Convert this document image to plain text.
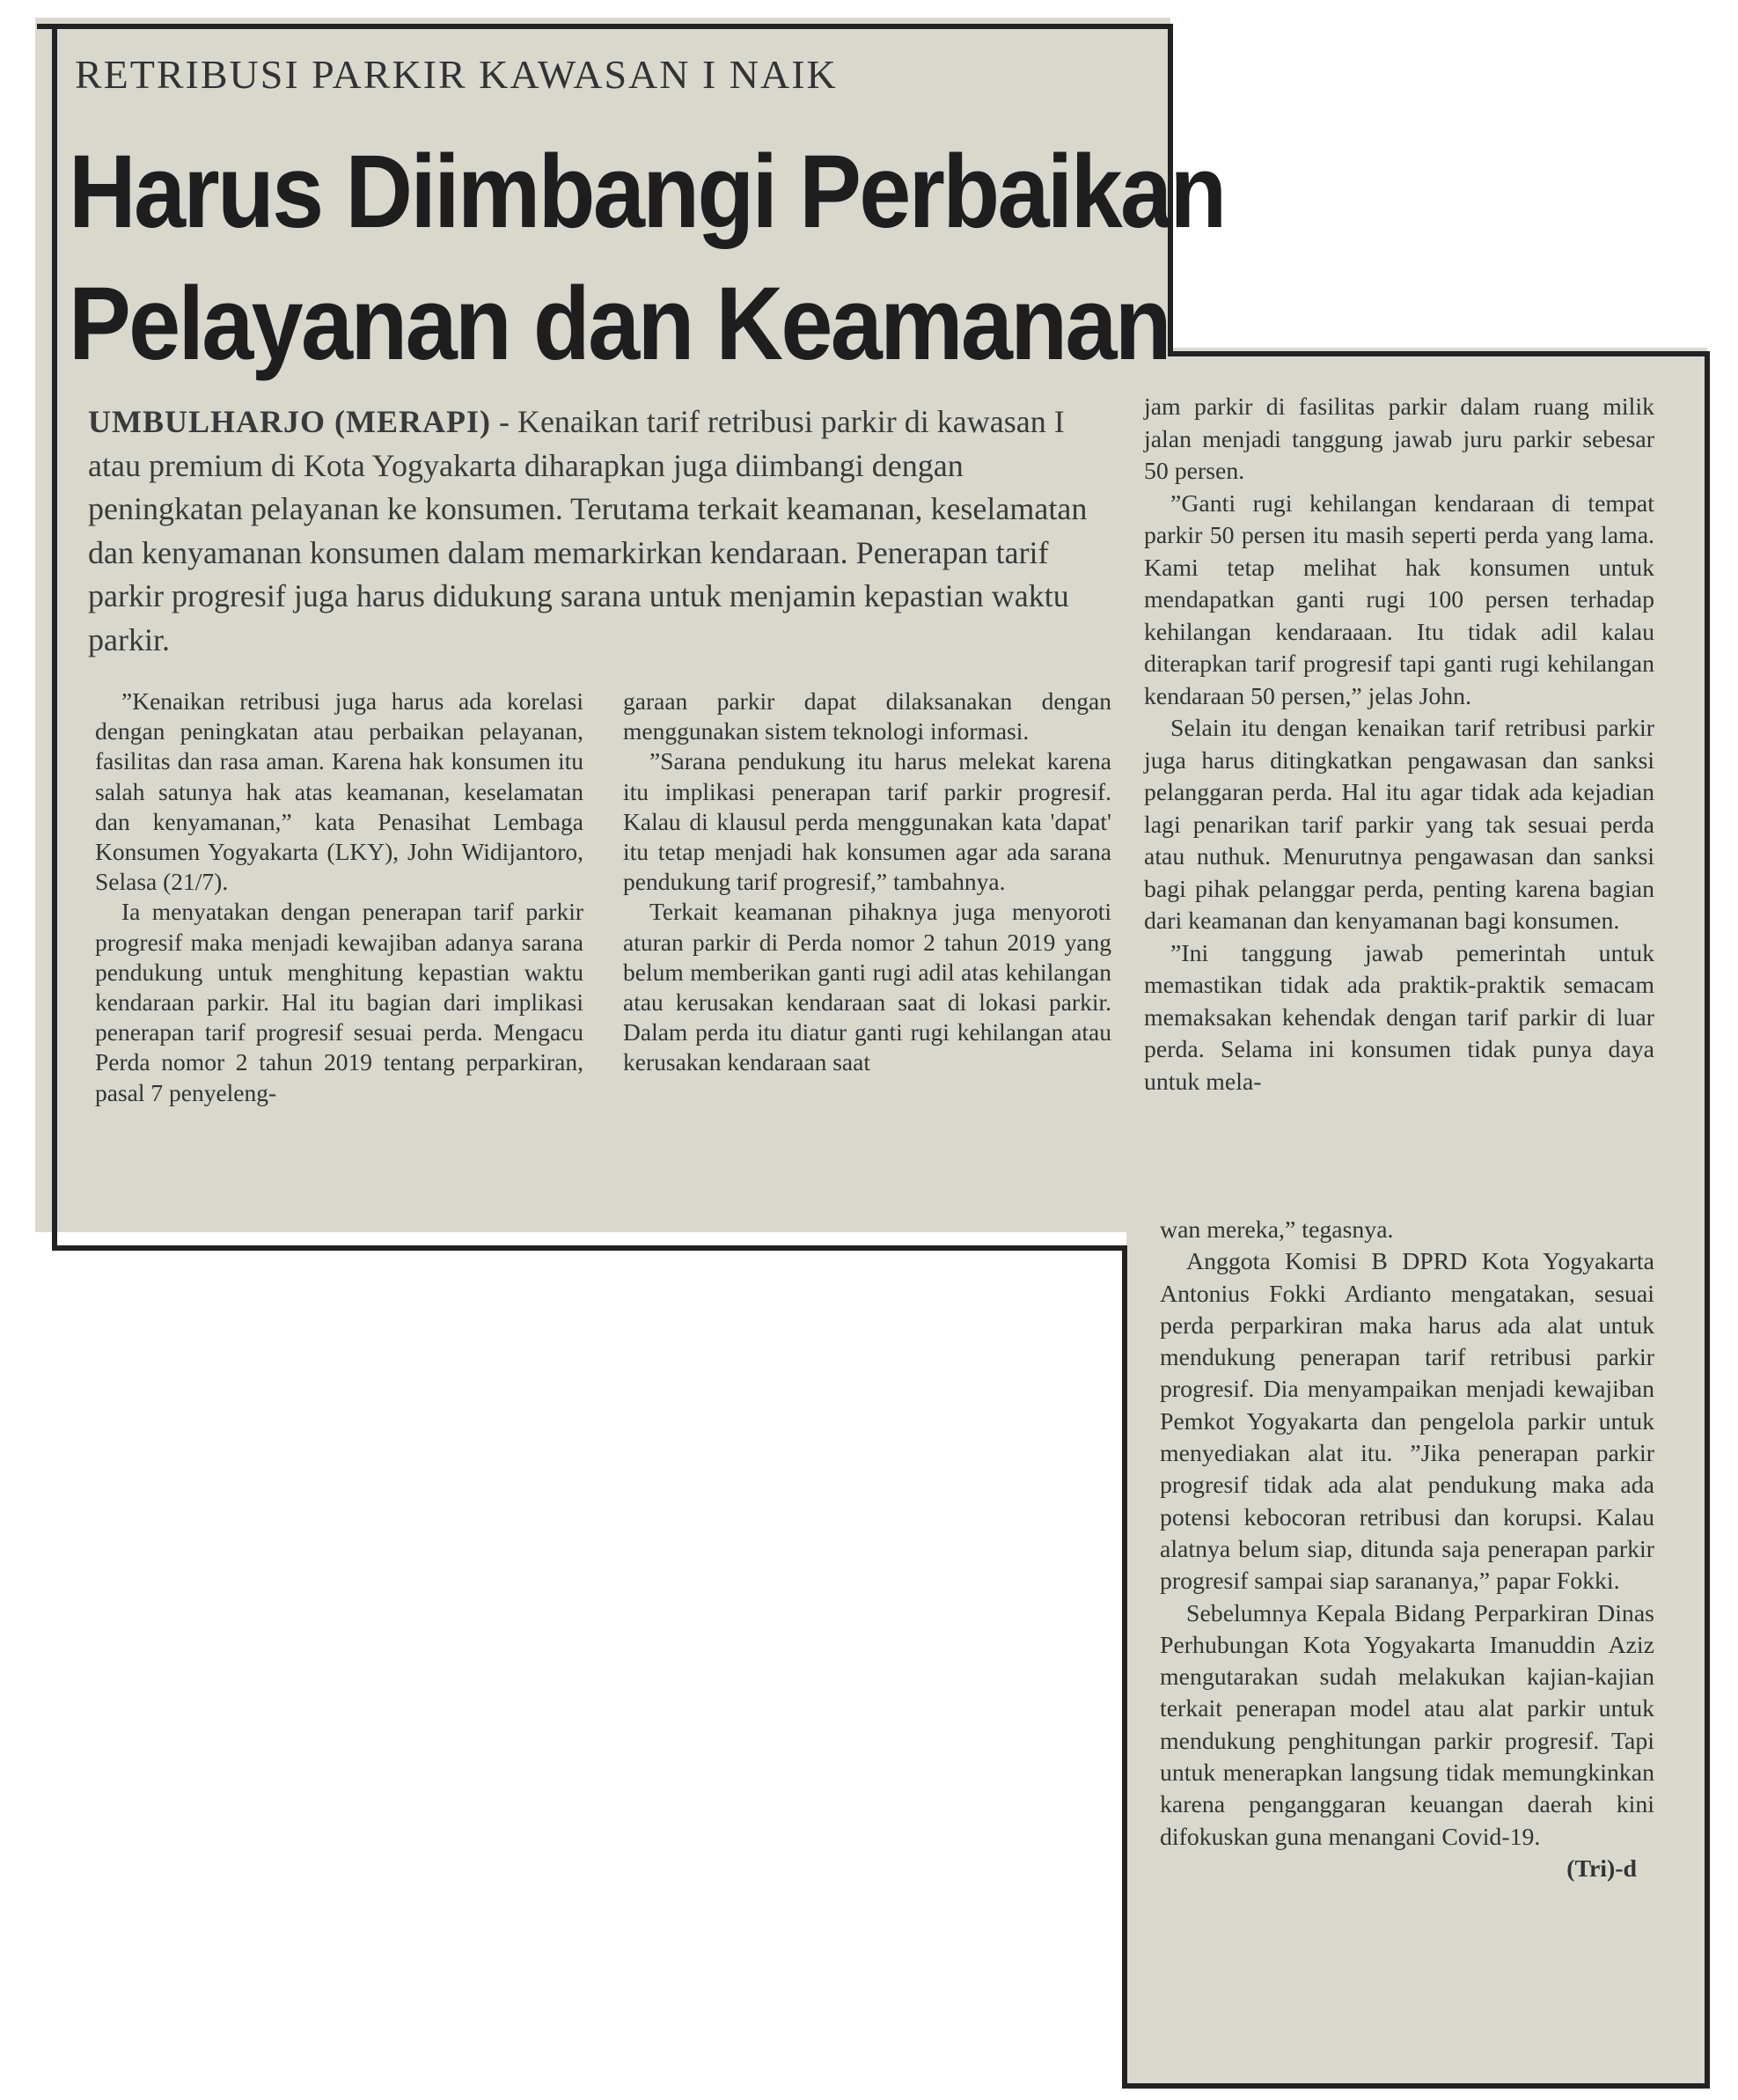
RETRIBUSI PARKIR KAWASAN I NAIK
Harus Diimbangi Perbaikan
Pelayanan dan Keamanan
UMBULHARJO (MERAPI) - Kenaikan tarif retribusi parkir di kawasan I atau premium di Kota Yogyakarta diharapkan juga diimbangi dengan peningkatan pelayanan ke konsumen. Terutama terkait keamanan, keselamatan dan kenyamanan konsumen dalam memarkirkan kendaraan. Penerapan tarif parkir progresif juga harus didukung sarana untuk menjamin kepastian waktu parkir.

”Kenaikan retribusi juga harus ada korelasi dengan peningkatan atau perbaikan pelayanan, fasilitas dan rasa aman. Karena hak konsumen itu salah satunya hak atas keamanan, keselamatan dan kenyamanan,” kata Penasihat Lembaga Konsumen Yogyakarta (LKY), John Widijantoro, Selasa (21/7).

Ia menyatakan dengan penerapan tarif parkir progresif maka menjadi kewajiban adanya sarana pendukung untuk menghitung kepastian waktu kendaraan parkir. Hal itu bagian dari implikasi penerapan tarif progresif sesuai perda. Mengacu Perda nomor 2 tahun 2019 tentang perparkiran, pasal 7 penyeleng-

garaan parkir dapat dilaksanakan dengan menggunakan sistem teknologi informasi.

”Sarana pendukung itu harus melekat karena itu implikasi penerapan tarif parkir progresif. Kalau di klausul perda menggunakan kata 'dapat' itu tetap menjadi hak konsumen agar ada sarana pendukung tarif progresif,” tambahnya.

Terkait keamanan pihaknya juga menyoroti aturan parkir di Perda nomor 2 tahun 2019 yang belum memberikan ganti rugi adil atas kehilangan atau kerusakan kendaraan saat di lokasi parkir. Dalam perda itu diatur ganti rugi kehilangan atau kerusakan kendaraan saat

jam parkir di fasilitas parkir dalam ruang milik jalan menjadi tanggung jawab juru parkir sebesar 50 persen.

”Ganti rugi kehilangan kendaraan di tempat parkir 50 persen itu masih seperti perda yang lama. Kami tetap melihat hak konsumen untuk mendapatkan ganti rugi 100 persen terhadap kehilangan kendaraaan. Itu tidak adil kalau diterapkan tarif progresif tapi ganti rugi kehilangan kendaraan 50 persen,” jelas John.

Selain itu dengan kenaikan tarif retribusi parkir juga harus ditingkatkan pengawasan dan sanksi pelanggaran perda. Hal itu agar tidak ada kejadian lagi penarikan tarif parkir yang tak sesuai perda atau nuthuk. Menurutnya pengawasan dan sanksi bagi pihak pelanggar perda, penting karena bagian dari keamanan dan kenyamanan bagi konsumen.

”Ini tanggung jawab pemerintah untuk memastikan tidak ada praktik-praktik semacam memaksakan kehendak dengan tarif parkir di luar perda. Selama ini konsumen tidak punya daya untuk mela-

wan mereka,” tegasnya.

Anggota Komisi B DPRD Kota Yogyakarta Antonius Fokki Ardianto mengatakan, sesuai perda perparkiran maka harus ada alat untuk mendukung penerapan tarif retribusi parkir progresif. Dia menyampaikan menjadi kewajiban Pemkot Yogyakarta dan pengelola parkir untuk menyediakan alat itu. ”Jika penerapan parkir progresif tidak ada alat pendukung maka ada potensi kebocoran retribusi dan korupsi. Kalau alatnya belum siap, ditunda saja penerapan parkir progresif sampai siap sarananya,” papar Fokki.

Sebelumnya Kepala Bidang Perparkiran Dinas Perhubungan Kota Yogyakarta Imanuddin Aziz mengutarakan sudah melakukan kajian-kajian terkait penerapan model atau alat parkir untuk mendukung penghitungan parkir progresif. Tapi untuk menerapkan langsung tidak memungkinkan karena penganggaran keuangan daerah kini difokuskan guna menangani Covid-19.
(Tri)-d
